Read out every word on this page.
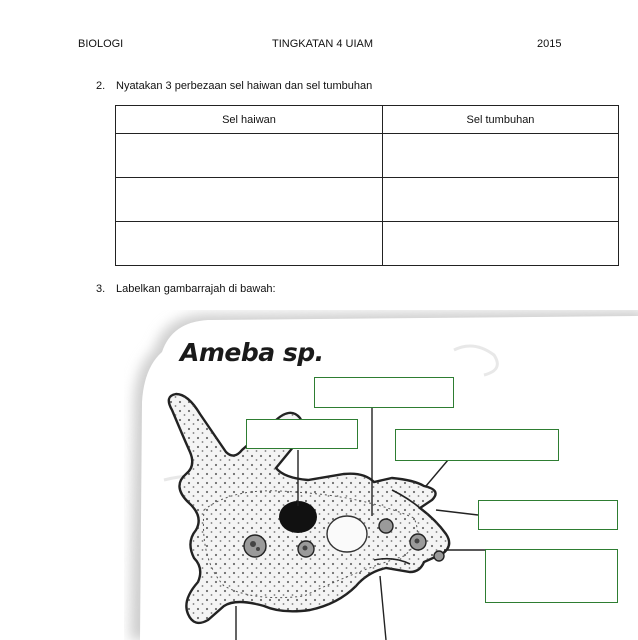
BIOLOGI	TINGKATAN 4 UIAM	2015
2. Nyatakan 3 perbezaan sel haiwan dan sel tumbuhan
Sel haiwan	Sel tumbuhan

3. Labelkan gambarrajah di bawah:
Ameba sp.
